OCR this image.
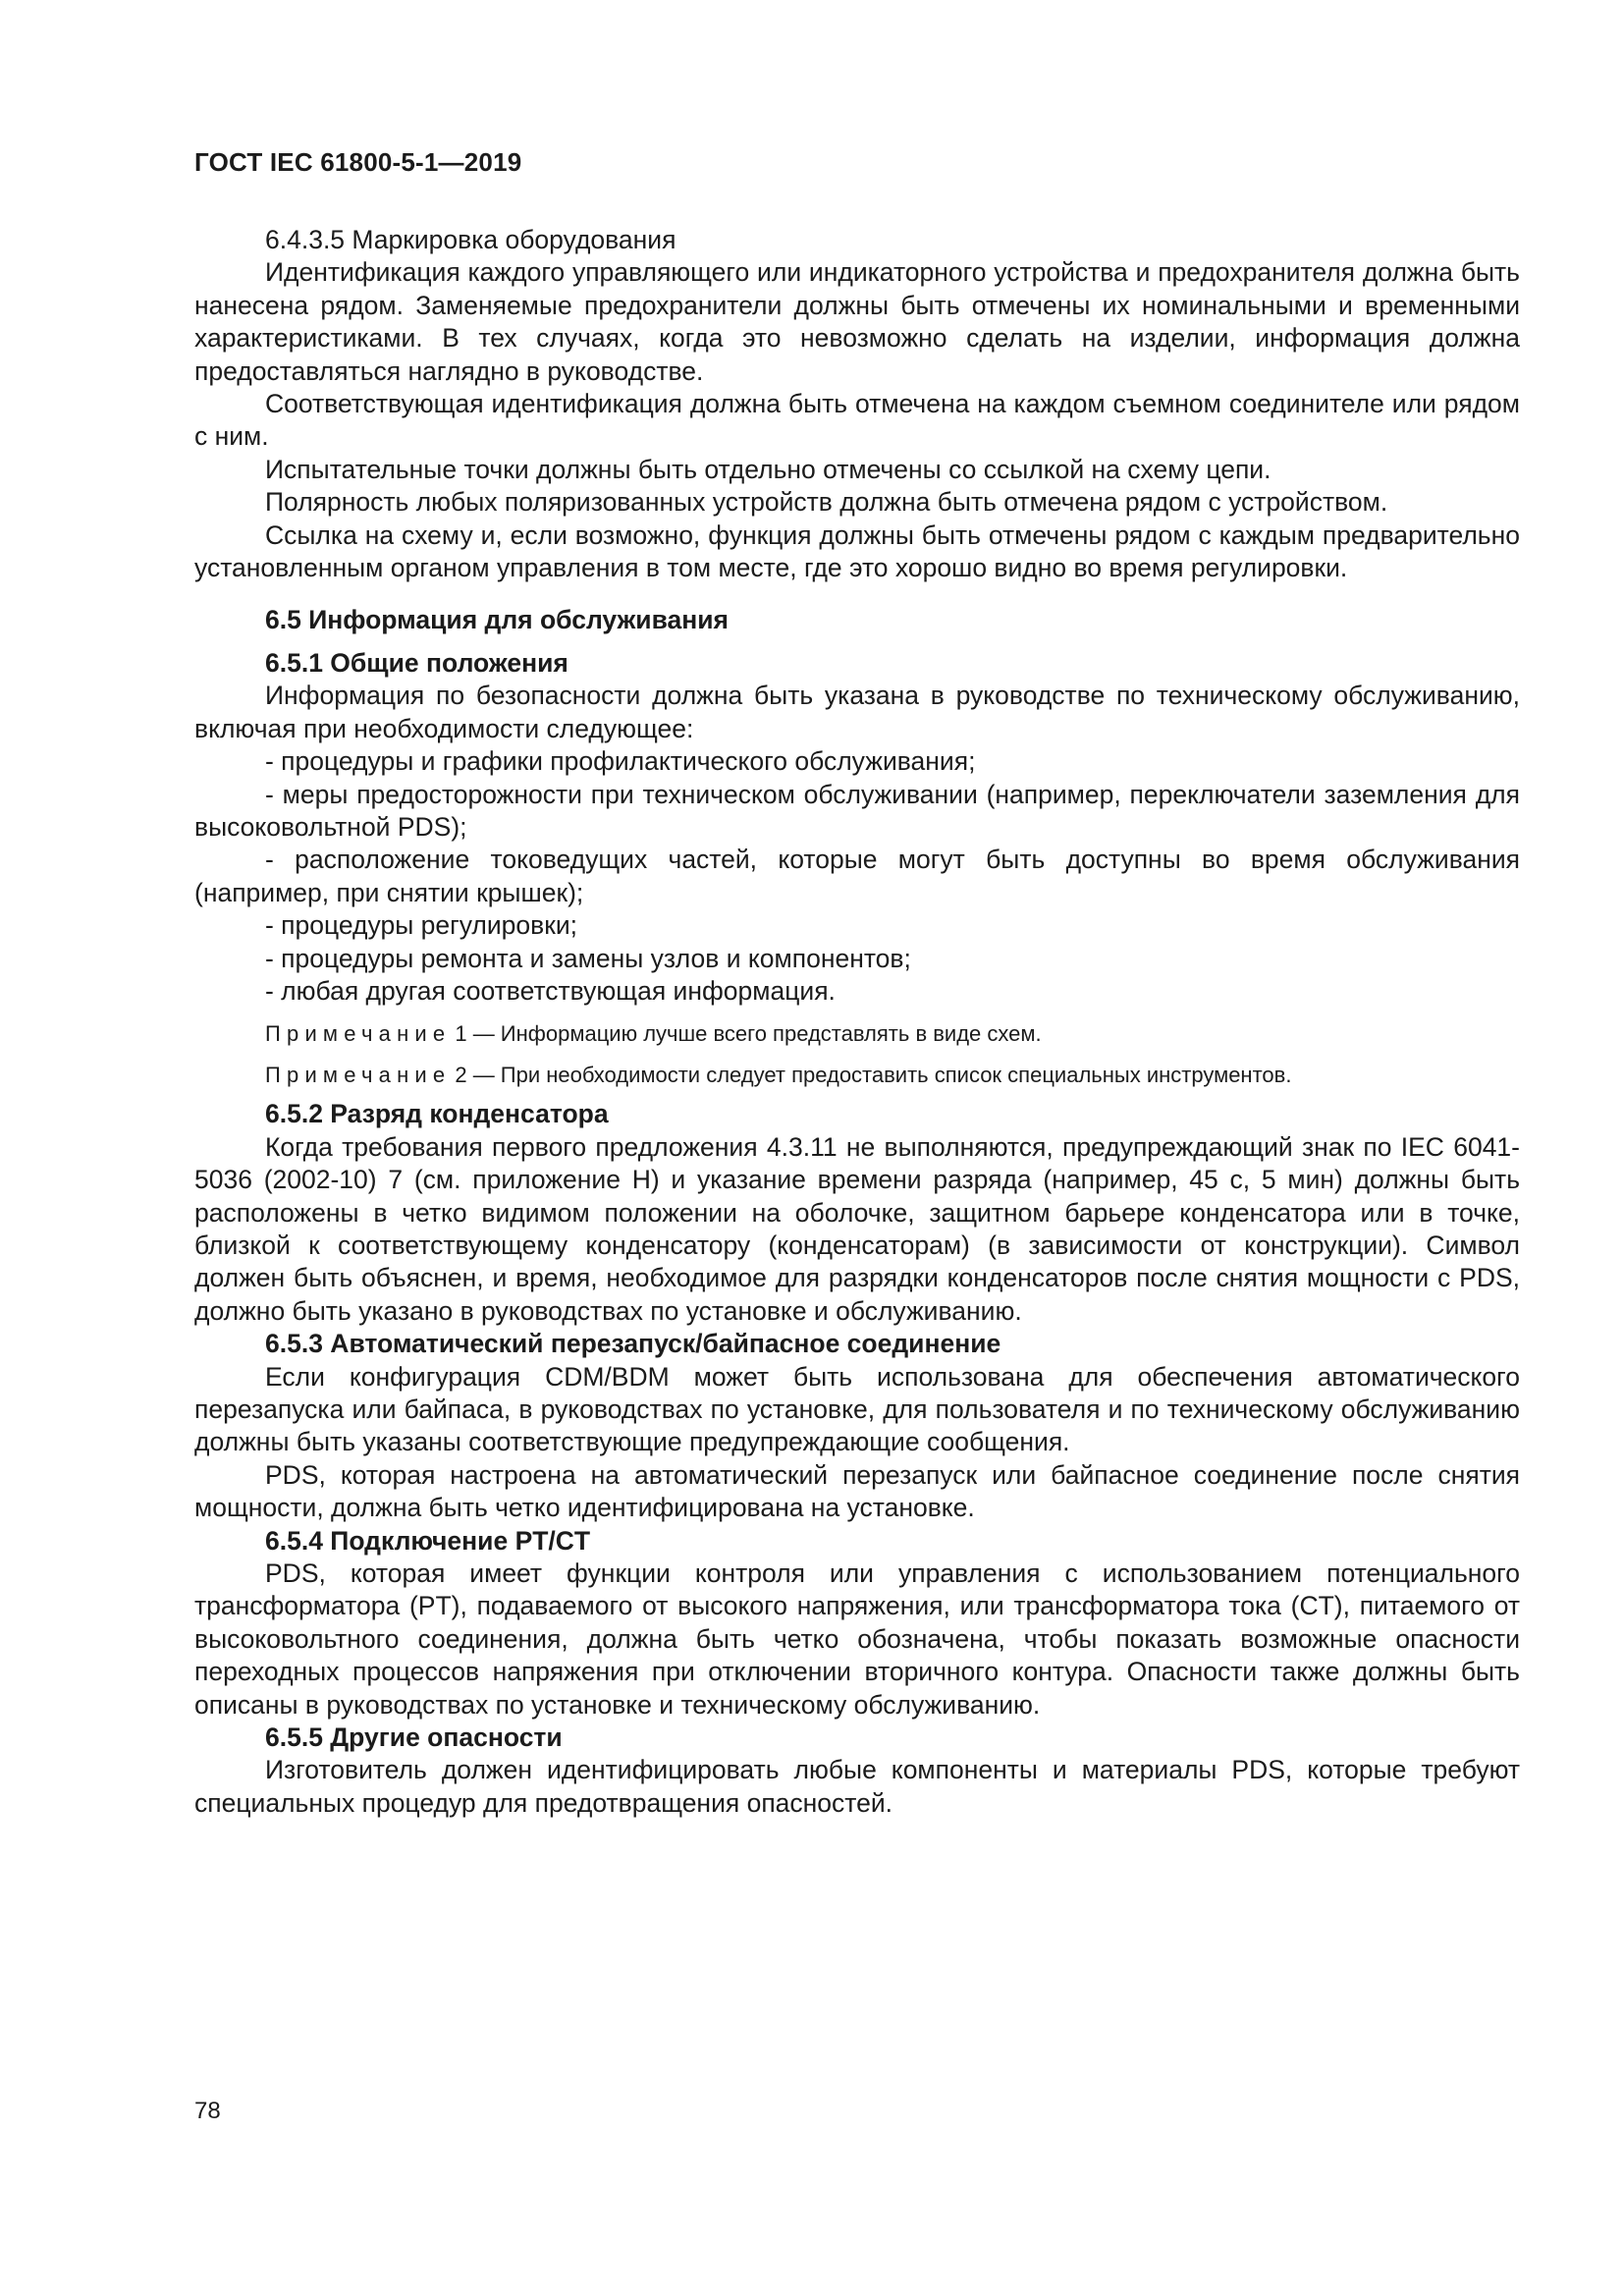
ГОСТ IEC 61800-5-1—2019

6.4.3.5 Маркировка оборудования

Идентификация каждого управляющего или индикаторного устройства и предохранителя должна быть нанесена рядом. Заменяемые предохранители должны быть отмечены их номинальными и временными характеристиками. В тех случаях, когда это невозможно сделать на изделии, информация должна предоставляться наглядно в руководстве.

Соответствующая идентификация должна быть отмечена на каждом съемном соединителе или рядом с ним.

Испытательные точки должны быть отдельно отмечены со ссылкой на схему цепи.

Полярность любых поляризованных устройств должна быть отмечена рядом с устройством.

Ссылка на схему и, если возможно, функция должны быть отмечены рядом с каждым предварительно установленным органом управления в том месте, где это хорошо видно во время регулировки.

6.5 Информация для обслуживания

6.5.1 Общие положения

Информация по безопасности должна быть указана в руководстве по техническому обслуживанию, включая при необходимости следующее:

- процедуры и графики профилактического обслуживания;

- меры предосторожности при техническом обслуживании (например, переключатели заземления для высоковольтной PDS);

- расположение токоведущих частей, которые могут быть доступны во время обслуживания (например, при снятии крышек);

- процедуры регулировки;

- процедуры ремонта и замены узлов и компонентов;

- любая другая соответствующая информация.

Примечание 1 — Информацию лучше всего представлять в виде схем.

Примечание 2 — При необходимости следует предоставить список специальных инструментов.

6.5.2 Разряд конденсатора

Когда требования первого предложения 4.3.11 не выполняются, предупреждающий знак по IEC 6041-5036 (2002-10) 7 (см. приложение Н) и указание времени разряда (например, 45 с, 5 мин) должны быть расположены в четко видимом положении на оболочке, защитном барьере конденсатора или в точке, близкой к соответствующему конденсатору (конденсаторам) (в зависимости от конструкции). Символ должен быть объяснен, и время, необходимое для разрядки конденсаторов после снятия мощности с PDS, должно быть указано в руководствах по установке и обслуживанию.

6.5.3 Автоматический перезапуск/байпасное соединение

Если конфигурация CDM/BDM может быть использована для обеспечения автоматического перезапуска или байпаса, в руководствах по установке, для пользователя и по техническому обслуживанию должны быть указаны соответствующие предупреждающие сообщения.

PDS, которая настроена на автоматический перезапуск или байпасное соединение после снятия мощности, должна быть четко идентифицирована на установке.

6.5.4 Подключение PT/CT

PDS, которая имеет функции контроля или управления с использованием потенциального трансформатора (PT), подаваемого от высокого напряжения, или трансформатора тока (CT), питаемого от высоковольтного соединения, должна быть четко обозначена, чтобы показать возможные опасности переходных процессов напряжения при отключении вторичного контура. Опасности также должны быть описаны в руководствах по установке и техническому обслуживанию.

6.5.5 Другие опасности

Изготовитель должен идентифицировать любые компоненты и материалы PDS, которые требуют специальных процедур для предотвращения опасностей.

78
